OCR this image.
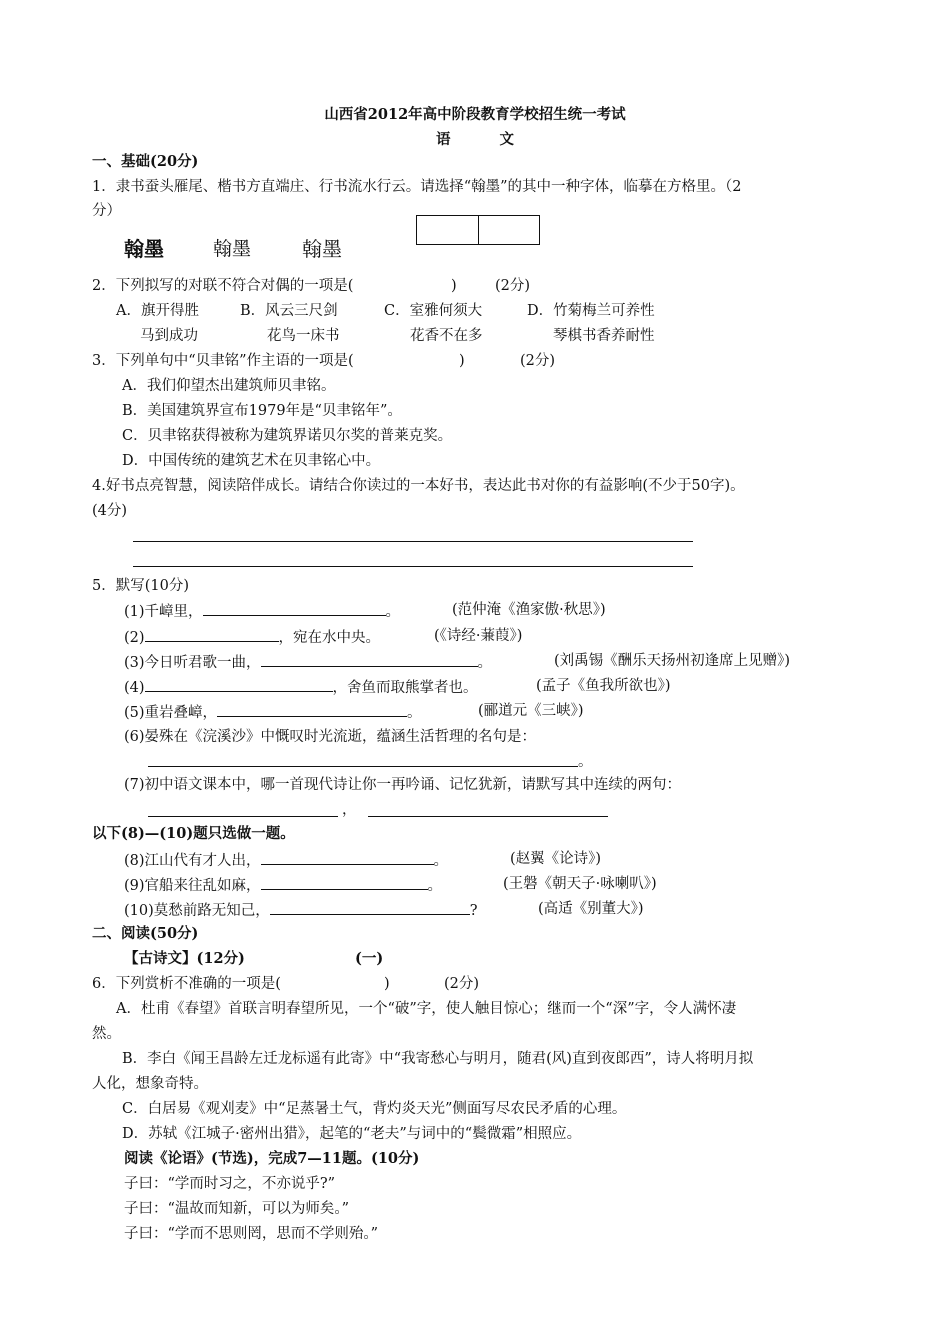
山西省2012年高中阶段教育学校招生统一考试
语 文
一、基础(20分)
1．隶书蚕头雁尾、楷书方直端庄、行书流水行云。请选择“翰墨”的其中一种字体，临摹在方格里。（2
分）
翰墨	翰墨	翰墨
2．下列拟写的对联不符合对偶的一项是(	)	(2分)
A．旗开得胜	B．风云三尺剑	C．室雅何须大	D．竹菊梅兰可养性
马到成功	花鸟一床书	花香不在多	琴棋书香养耐性
3．下列单句中“贝聿铭”作主语的一项是(	)	(2分)
A．我们仰望杰出建筑师贝聿铭。
B．美国建筑界宣布1979年是“贝聿铭年”。
C．贝聿铭获得被称为建筑界诺贝尔奖的普莱克奖。
D．中国传统的建筑艺术在贝聿铭心中。
4.好书点亮智慧，阅读陪伴成长。请结合你读过的一本好书，表达此书对你的有益影响(不少于50字)。
(4分)
5．默写(10分)
(1)千嶂里，	。	(范仲淹《渔家傲·秋思》)
(2)	，宛在水中央。	(《诗经·蒹葭》)
(3)今日听君歌一曲，	。	(刘禹锡《酬乐天扬州初逢席上见赠》)
(4)	，舍鱼而取熊掌者也。	(孟子《鱼我所欲也》)
(5)重岩叠嶂，	。	(郦道元《三峡》)
(6)晏殊在《浣溪沙》中慨叹时光流逝，蕴涵生活哲理的名句是：
。
(7)初中语文课本中，哪一首现代诗让你一再吟诵、记忆犹新，请默写其中连续的两句：
，
以下(8)—(10)题只选做一题。
(8)江山代有才人出，	。	(赵翼《论诗》)
(9)官船来往乱如麻，	。	(王磐《朝天子·咏喇叭》)
(10)莫愁前路无知己，	?	(高适《别董大》)
二、阅读(50分)
【古诗文】(12分)	(一)
6．下列赏析不准确的一项是(	)	(2分)
A．杜甫《春望》首联言明春望所见，一个“破”字，使人触目惊心；继而一个“深”字，令人满怀凄
然。
B．李白《闻王昌龄左迁龙标遥有此寄》中“我寄愁心与明月，随君(风)直到夜郎西”，诗人将明月拟
人化，想象奇特。
C．白居易《观刈麦》中“足蒸暑土气，背灼炎天光”侧面写尽农民矛盾的心理。
D．苏轼《江城子·密州出猎》，起笔的“老夫”与词中的“鬓微霜”相照应。
阅读《论语》(节选)，完成7—11题。(10分)
子曰：“学而时习之，不亦说乎?”
子曰：“温故而知新，可以为师矣。”
子曰：“学而不思则罔，思而不学则殆。”
